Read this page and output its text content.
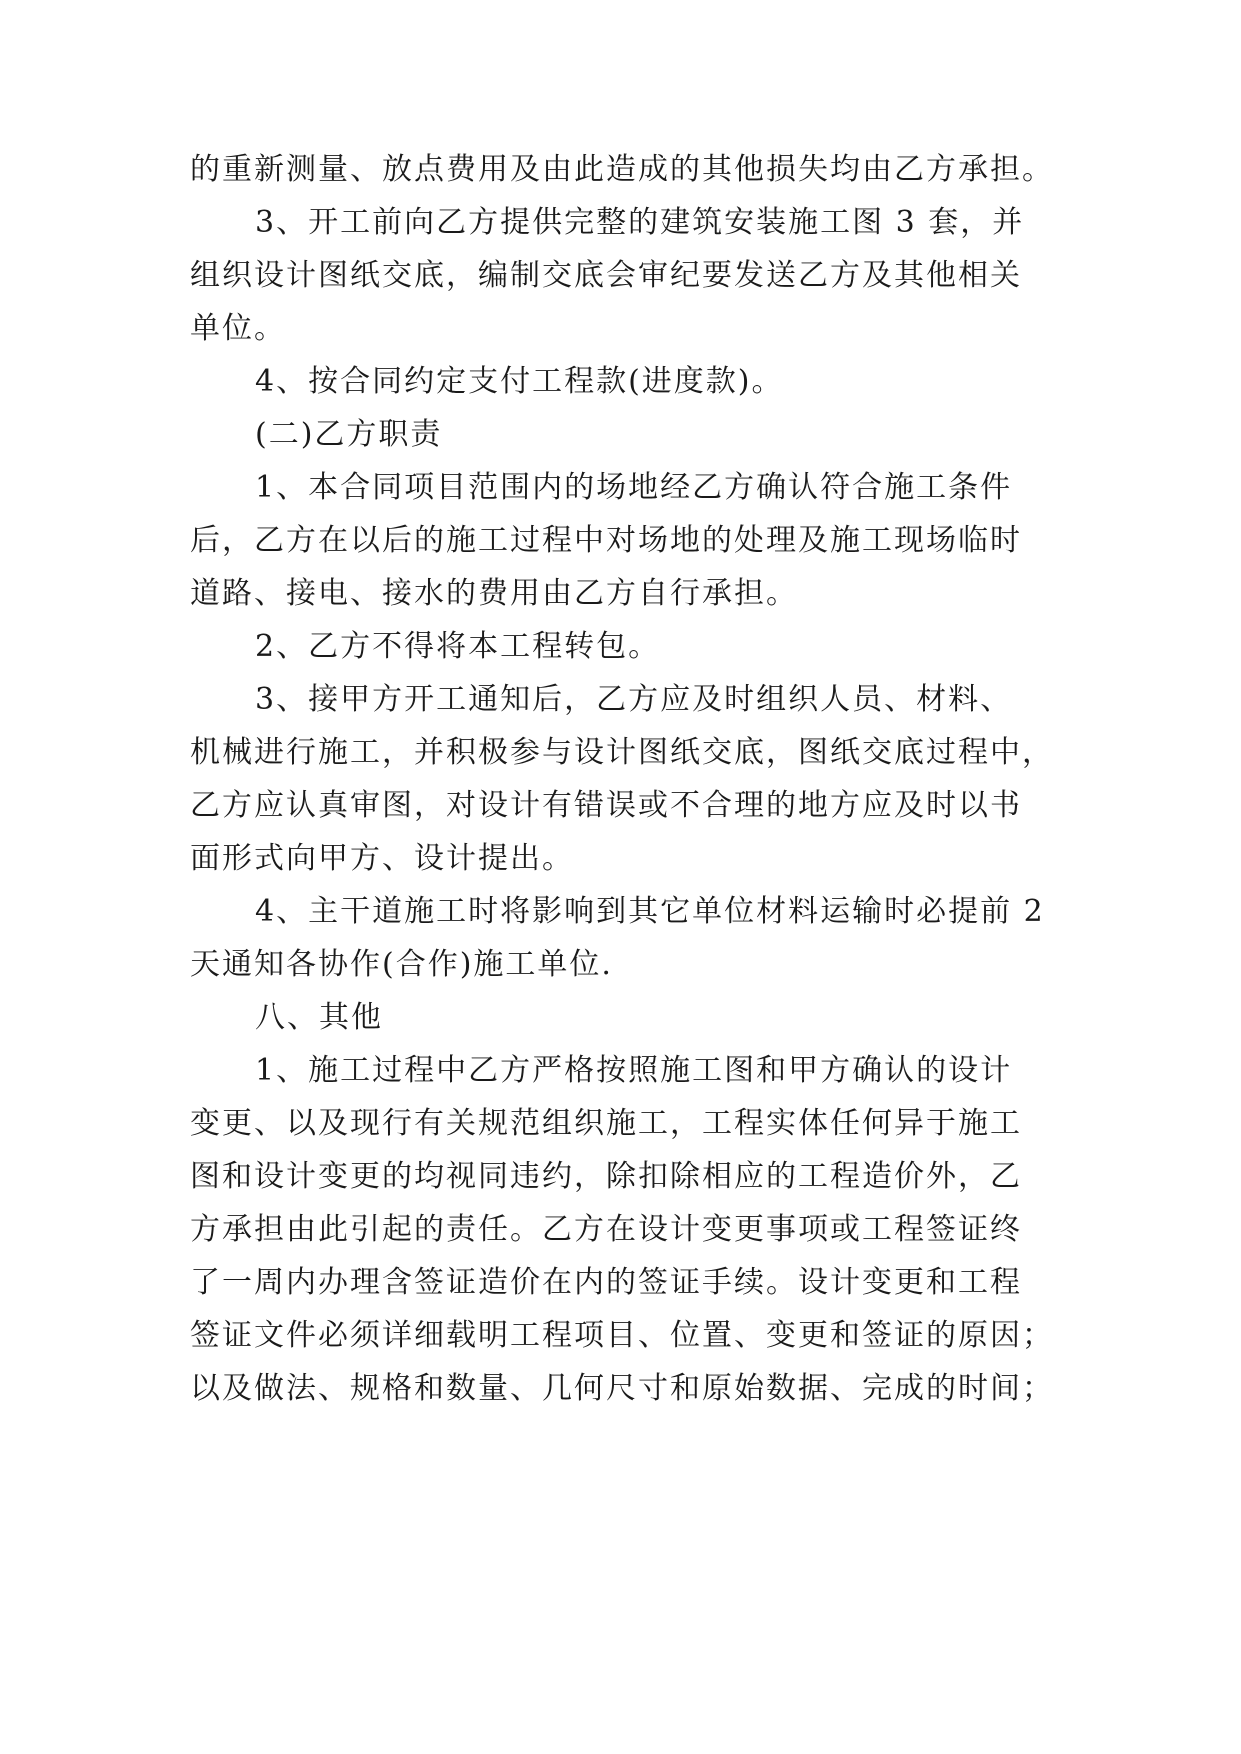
的重新测量、放点费用及由此造成的其他损失均由乙方承担。
3、开工前向乙方提供完整的建筑安装施工图 3 套，并
组织设计图纸交底，编制交底会审纪要发送乙方及其他相关
单位。
4、按合同约定支付工程款(进度款)。
(二)乙方职责
1、本合同项目范围内的场地经乙方确认符合施工条件
后，乙方在以后的施工过程中对场地的处理及施工现场临时
道路、接电、接水的费用由乙方自行承担。
2、乙方不得将本工程转包。
3、接甲方开工通知后，乙方应及时组织人员、材料、
机械进行施工，并积极参与设计图纸交底，图纸交底过程中，
乙方应认真审图，对设计有错误或不合理的地方应及时以书
面形式向甲方、设计提出。
4、主干道施工时将影响到其它单位材料运输时必提前 2
天通知各协作(合作)施工单位.
八、其他
1、施工过程中乙方严格按照施工图和甲方确认的设计
变更、以及现行有关规范组织施工，工程实体任何异于施工
图和设计变更的均视同违约，除扣除相应的工程造价外，乙
方承担由此引起的责任。乙方在设计变更事项或工程签证终
了一周内办理含签证造价在内的签证手续。设计变更和工程
签证文件必须详细载明工程项目、位置、变更和签证的原因；
以及做法、规格和数量、几何尺寸和原始数据、完成的时间；
